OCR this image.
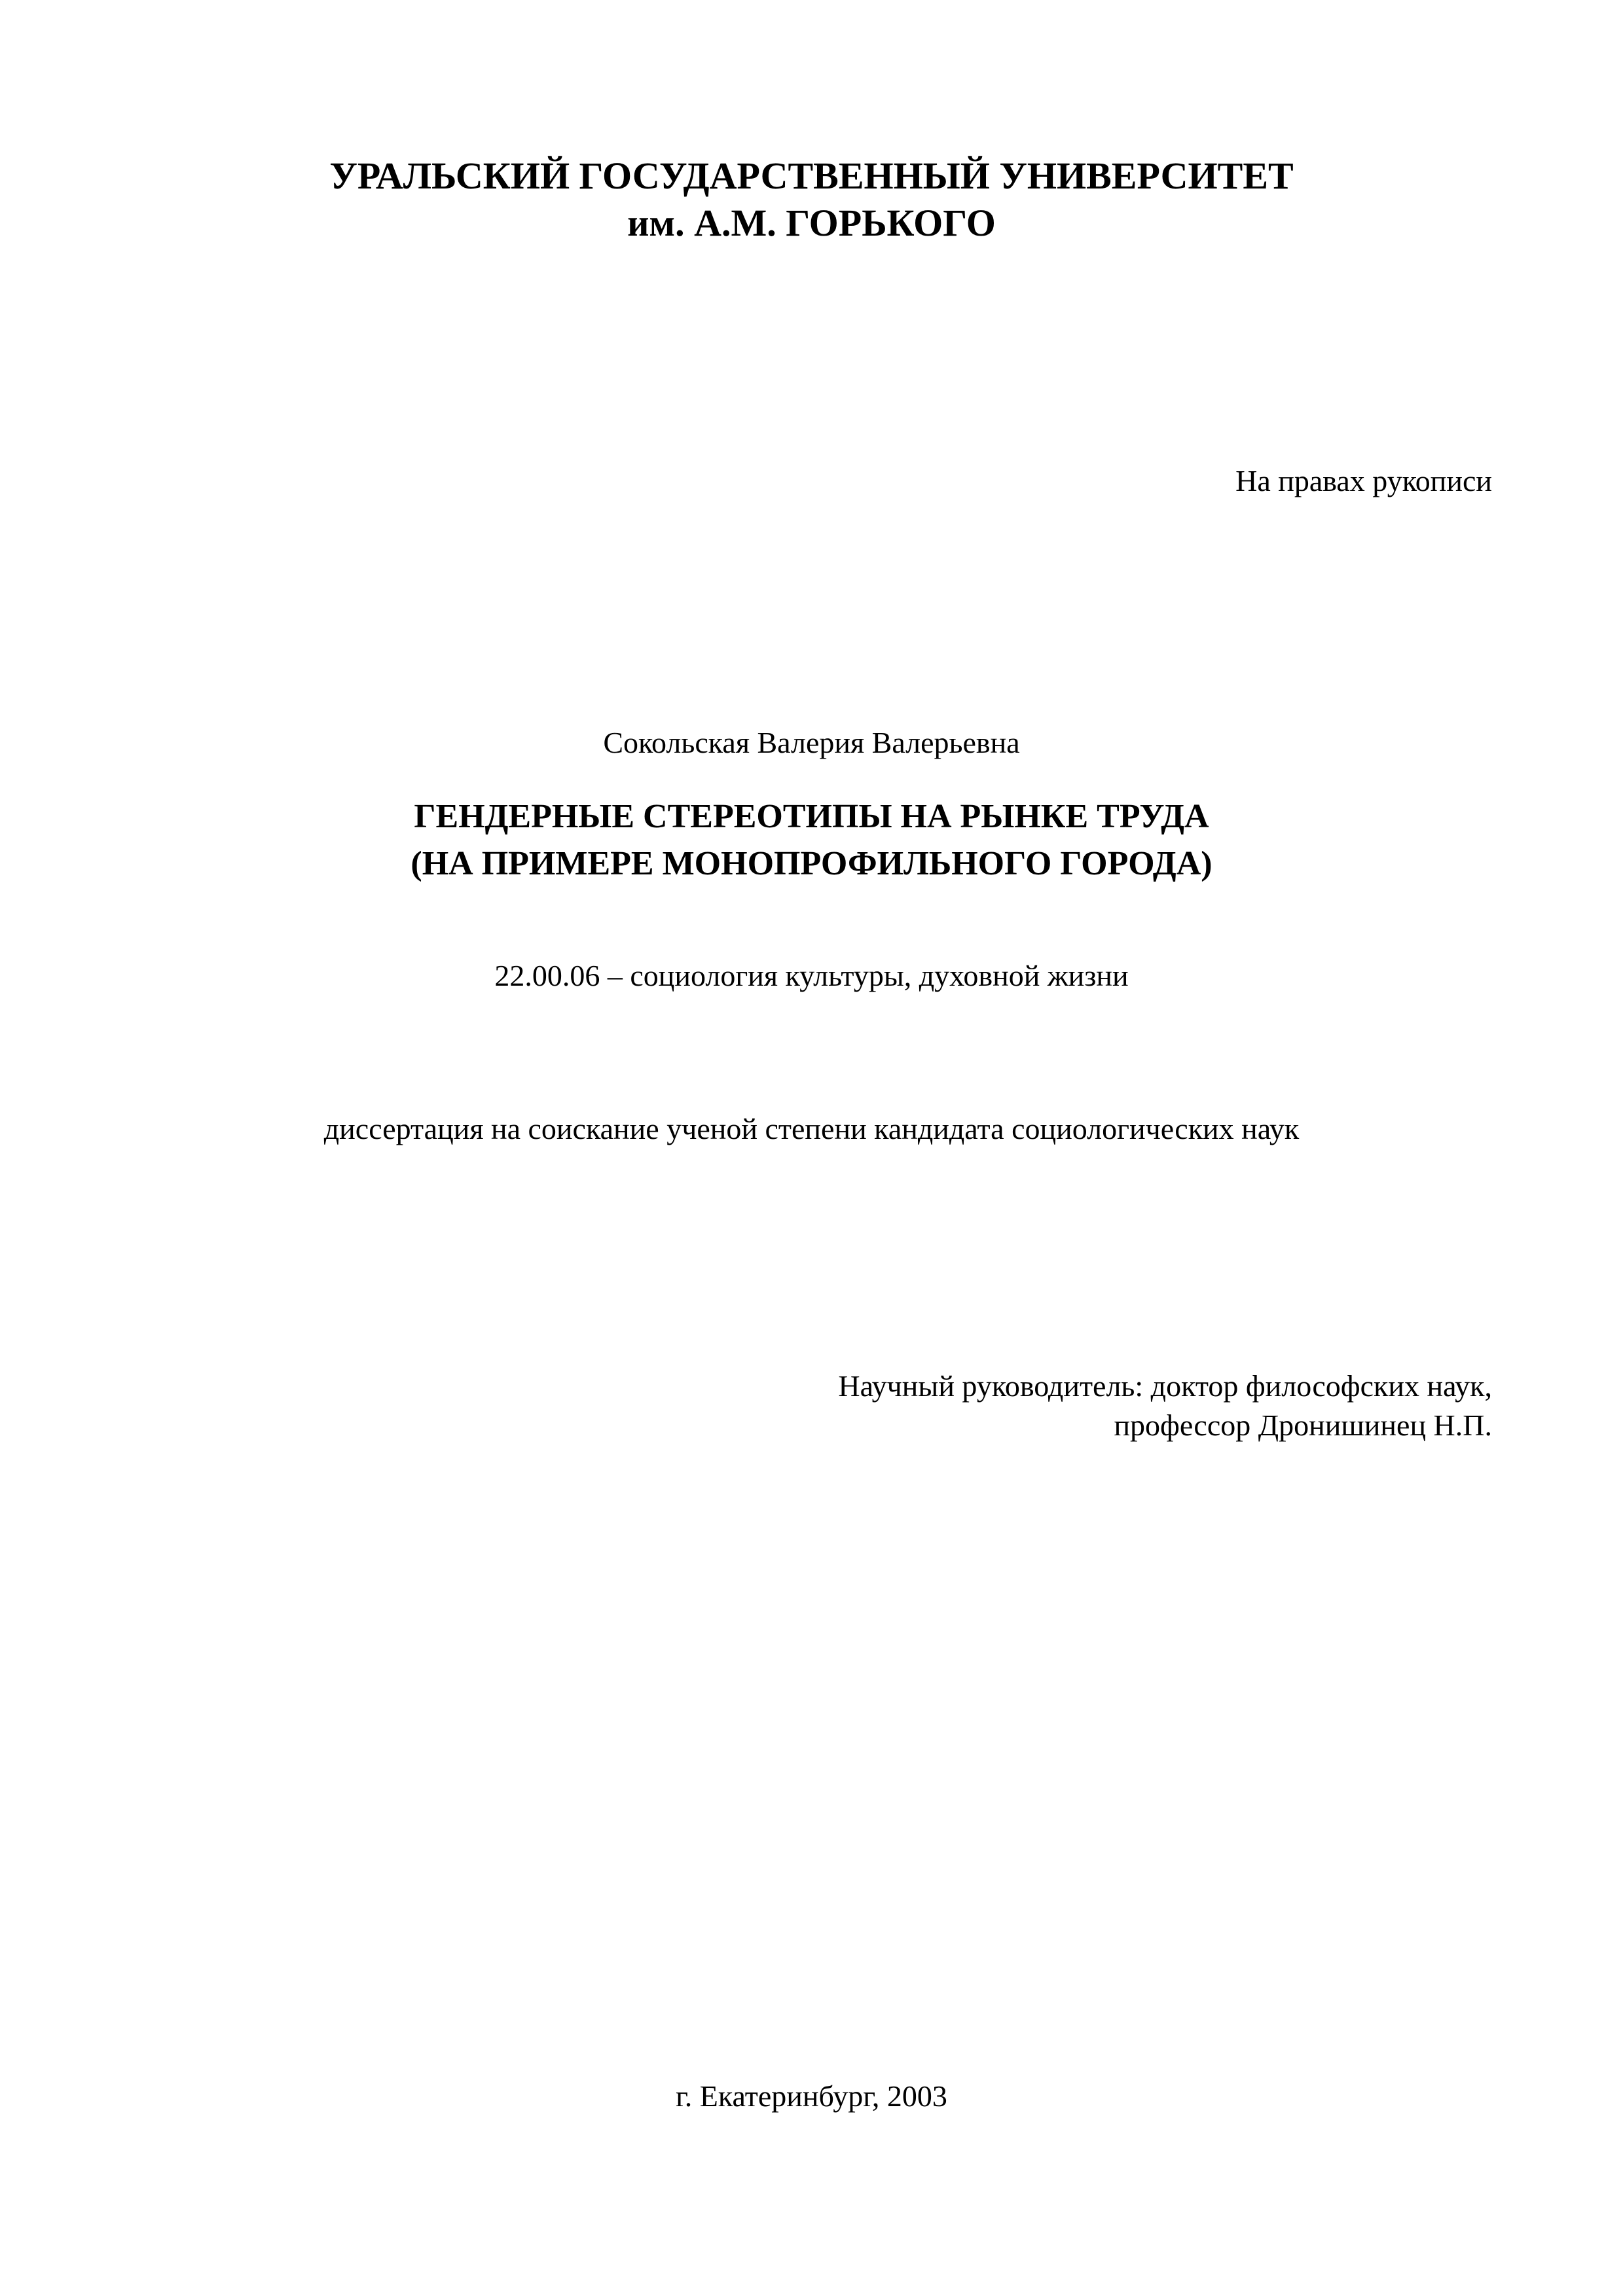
УРАЛЬСКИЙ ГОСУДАРСТВЕННЫЙ УНИВЕРСИТЕТ
им. А.М. ГОРЬКОГО
На правах рукописи
Сокольская Валерия Валерьевна
ГЕНДЕРНЫЕ СТЕРЕОТИПЫ НА РЫНКЕ ТРУДА
(НА ПРИМЕРЕ МОНОПРОФИЛЬНОГО ГОРОДА)
22.00.06 – социология культуры, духовной жизни
диссертация на соискание ученой степени кандидата социологических наук
Научный руководитель: доктор философских наук,
профессор Дронишинец Н.П.
г. Екатеринбург, 2003
